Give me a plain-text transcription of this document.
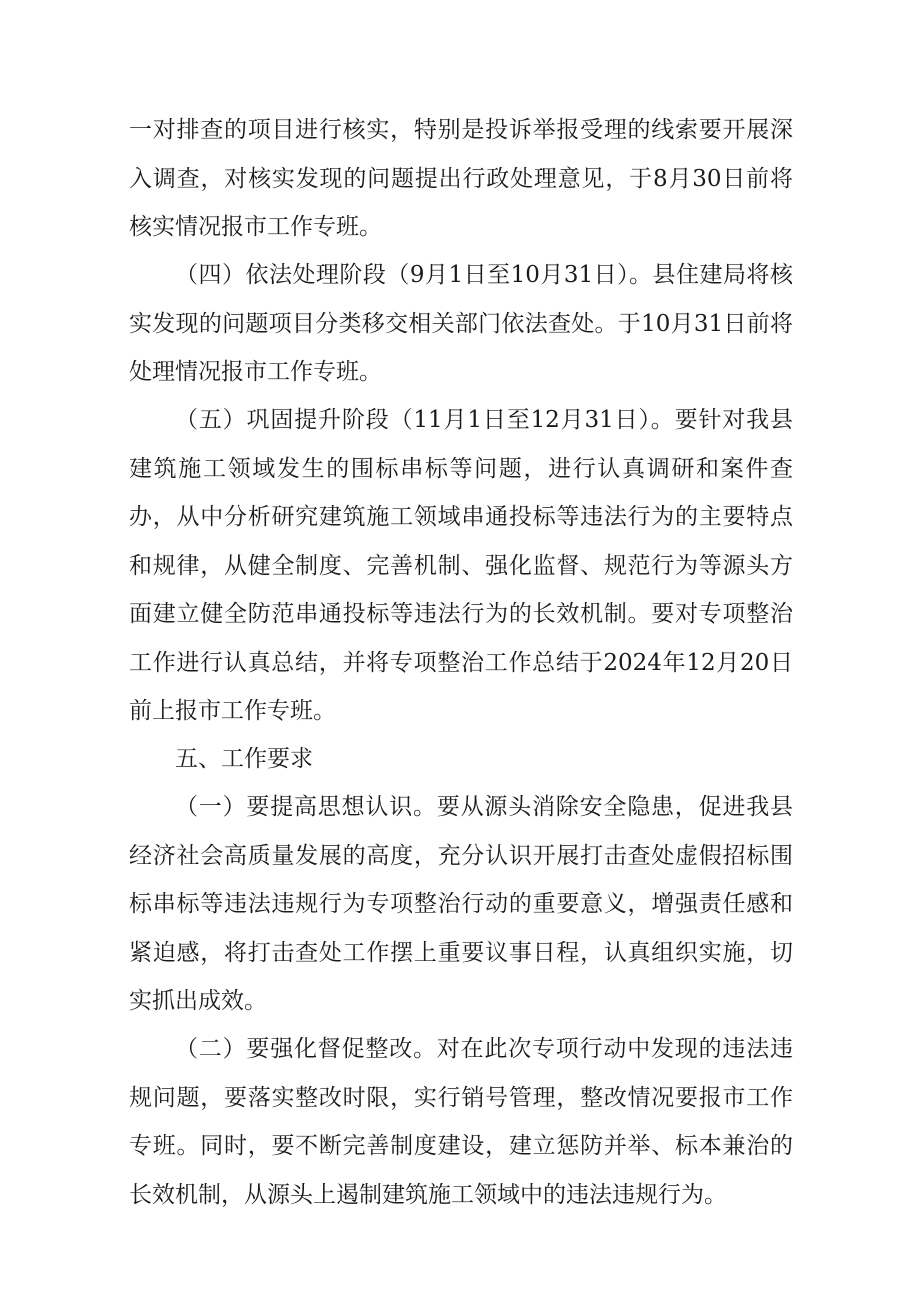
一对排查的项目进行核实，特别是投诉举报受理的线索要开展深入调查，对核实发现的问题提出行政处理意见，于8月30日前将核实情况报市工作专班。

（四）依法处理阶段（9月1日至10月31日）。县住建局将核实发现的问题项目分类移交相关部门依法查处。于10月31日前将处理情况报市工作专班。

（五）巩固提升阶段（11月1日至12月31日）。要针对我县建筑施工领域发生的围标串标等问题，进行认真调研和案件查办，从中分析研究建筑施工领域串通投标等违法行为的主要特点和规律，从健全制度、完善机制、强化监督、规范行为等源头方面建立健全防范串通投标等违法行为的长效机制。要对专项整治工作进行认真总结，并将专项整治工作总结于2024年12月20日前上报市工作专班。

五、工作要求

（一）要提高思想认识。要从源头消除安全隐患，促进我县经济社会高质量发展的高度，充分认识开展打击查处虚假招标围标串标等违法违规行为专项整治行动的重要意义，增强责任感和紧迫感，将打击查处工作摆上重要议事日程，认真组织实施，切实抓出成效。

（二）要强化督促整改。对在此次专项行动中发现的违法违规问题，要落实整改时限，实行销号管理，整改情况要报市工作专班。同时，要不断完善制度建设，建立惩防并举、标本兼治的长效机制，从源头上遏制建筑施工领域中的违法违规行为。
